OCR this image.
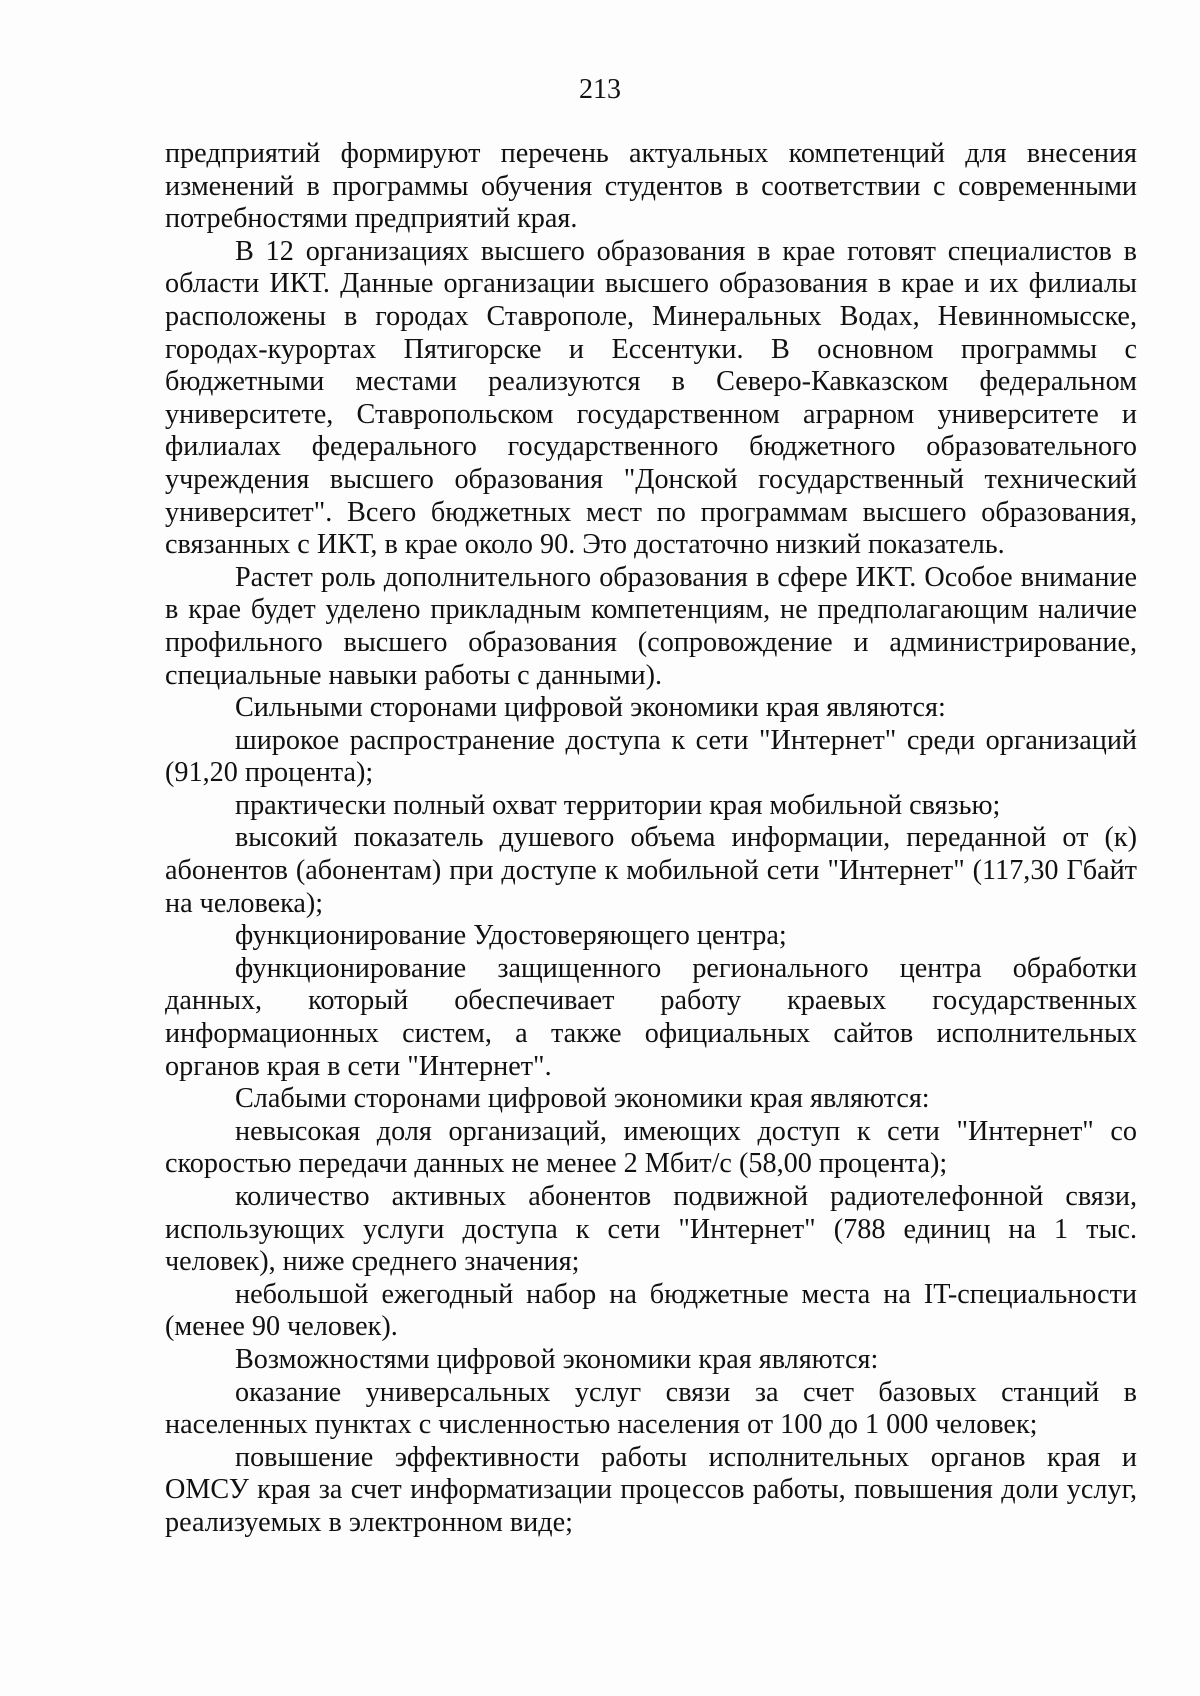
213

предприятий формируют перечень актуальных компетенций для внесения изменений в программы обучения студентов в соответствии с современными потребностями предприятий края.

В 12 организациях высшего образования в крае готовят специалистов в области ИКТ. Данные организации высшего образования в крае и их филиалы расположены в городах Ставрополе, Минеральных Водах, Невинномысске, городах-курортах Пятигорске и Ессентуки. В основном программы с бюджетными местами реализуются в Северо-Кавказском федеральном университете, Ставропольском государственном аграрном университете и филиалах федерального государственного бюджетного образовательного учреждения высшего образования "Донской государственный технический университет". Всего бюджетных мест по программам высшего образования, связанных с ИКТ, в крае около 90. Это достаточно низкий показатель.

Растет роль дополнительного образования в сфере ИКТ. Особое внимание в крае будет уделено прикладным компетенциям, не предполагающим наличие профильного высшего образования (сопровождение и администрирование, специальные навыки работы с данными).

Сильными сторонами цифровой экономики края являются:

широкое распространение доступа к сети "Интернет" среди организаций (91,20 процента);

практически полный охват территории края мобильной связью;

высокий показатель душевого объема информации, переданной от (к) абонентов (абонентам) при доступе к мобильной сети "Интернет" (117,30 Гбайт на человека);

функционирование Удостоверяющего центра;

функционирование защищенного регионального центра обработки данных, который обеспечивает работу краевых государственных информационных систем, а также официальных сайтов исполнительных органов края в сети "Интернет".

Слабыми сторонами цифровой экономики края являются:

невысокая доля организаций, имеющих доступ к сети "Интернет" со скоростью передачи данных не менее 2 Мбит/с (58,00 процента);

количество активных абонентов подвижной радиотелефонной связи, использующих услуги доступа к сети "Интернет" (788 единиц на 1 тыс. человек), ниже среднего значения;

небольшой ежегодный набор на бюджетные места на IT-специальности (менее 90 человек).

Возможностями цифровой экономики края являются:

оказание универсальных услуг связи за счет базовых станций в населенных пунктах с численностью населения от 100 до 1 000 человек;

повышение эффективности работы исполнительных органов края и ОМСУ края за счет информатизации процессов работы, повышения доли услуг, реализуемых в электронном виде;
